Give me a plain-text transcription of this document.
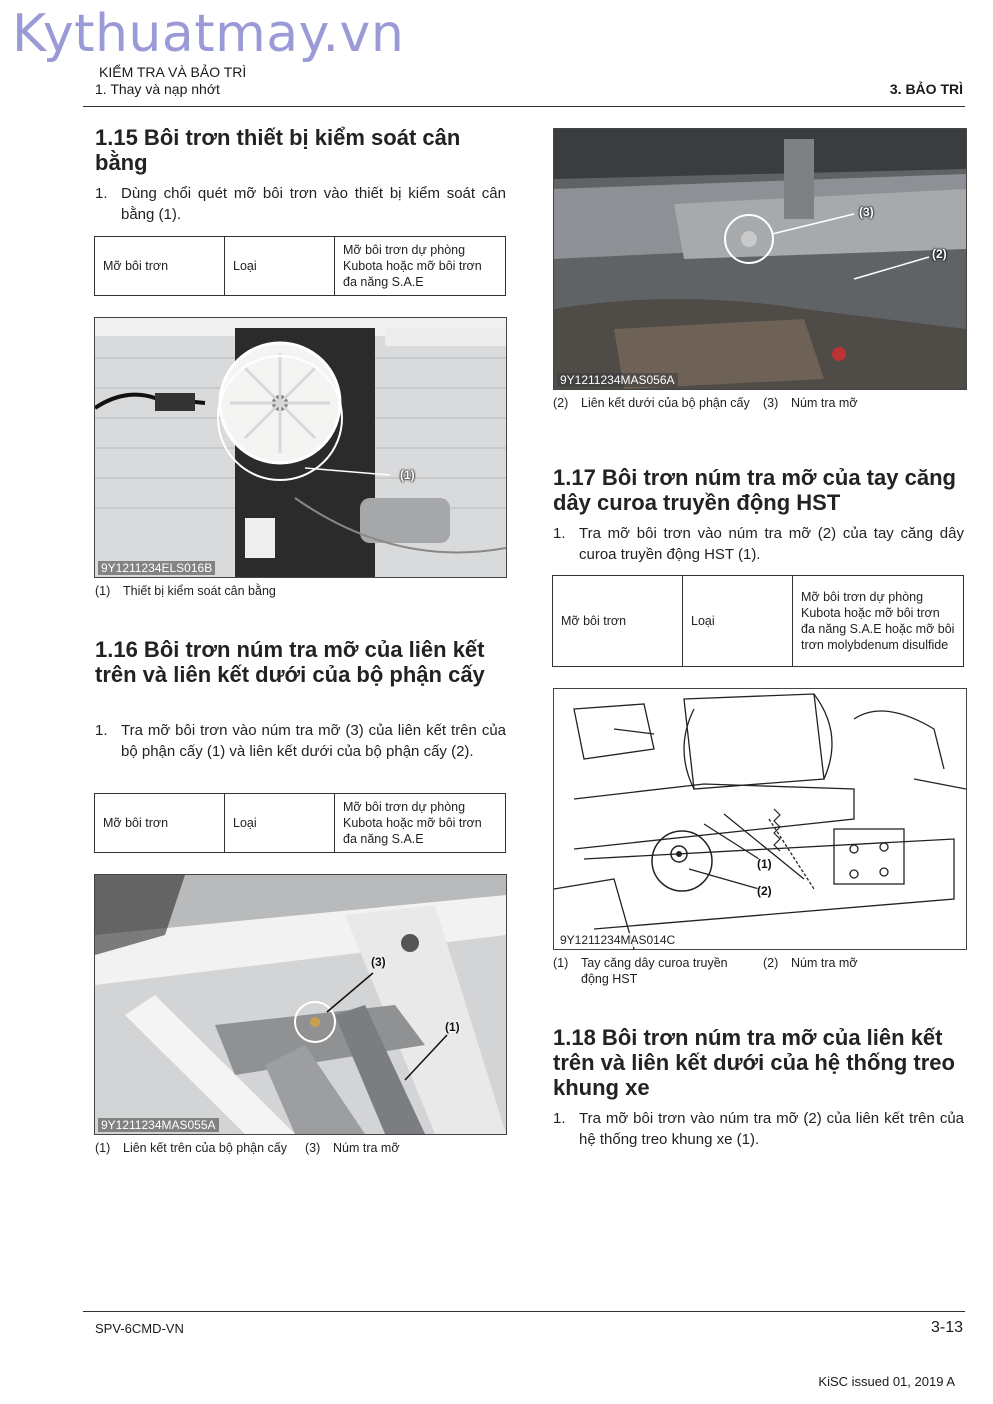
Kythuatmay.vn
KIỂM TRA VÀ BẢO TRÌ
1. Thay và nạp nhớt	3. BẢO TRÌ
1.15 Bôi trơn thiết bị kiểm soát cân bằng
1. Dùng chổi quét mỡ bôi trơn vào thiết bị kiểm soát cân bằng (1).
Mỡ bôi trơn	Loại	Mỡ bôi trơn dự phòng Kubota hoặc mỡ bôi trơn đa năng S.A.E
(1)
9Y1211234ELS016B
(1) Thiết bị kiểm soát cân bằng
1.16 Bôi trơn núm tra mỡ của liên kết trên và liên kết dưới của bộ phận cấy
1. Tra mỡ bôi trơn vào núm tra mỡ (3) của liên kết trên của bộ phận cấy (1) và liên kết dưới của bộ phận cấy (2).
Mỡ bôi trơn	Loại	Mỡ bôi trơn dự phòng Kubota hoặc mỡ bôi trơn đa năng S.A.E
(3)
(1)
9Y1211234MAS055A
(1) Liên kết trên của bộ phận cấy	(3) Núm tra mỡ
(3)
(2)
9Y1211234MAS056A
(2) Liên kết dưới của bộ phận cấy	(3) Núm tra mỡ
1.17 Bôi trơn núm tra mỡ của tay căng dây curoa truyền động HST
1. Tra mỡ bôi trơn vào núm tra mỡ (2) của tay căng dây curoa truyền động HST (1).
Mỡ bôi trơn	Loại	Mỡ bôi trơn dự phòng Kubota hoặc mỡ bôi trơn đa năng S.A.E hoặc mỡ bôi trơn molybdenum disulfide
(1)
(2)
9Y1211234MAS014C
(1) Tay căng dây curoa truyền động HST
(2) Núm tra mỡ
1.18 Bôi trơn núm tra mỡ của liên kết trên và liên kết dưới của hệ thống treo khung xe
1. Tra mỡ bôi trơn vào núm tra mỡ (2) của liên kết trên của hệ thống treo khung xe (1).
SPV-6CMD-VN	3-13
KiSC issued 01, 2019 A
